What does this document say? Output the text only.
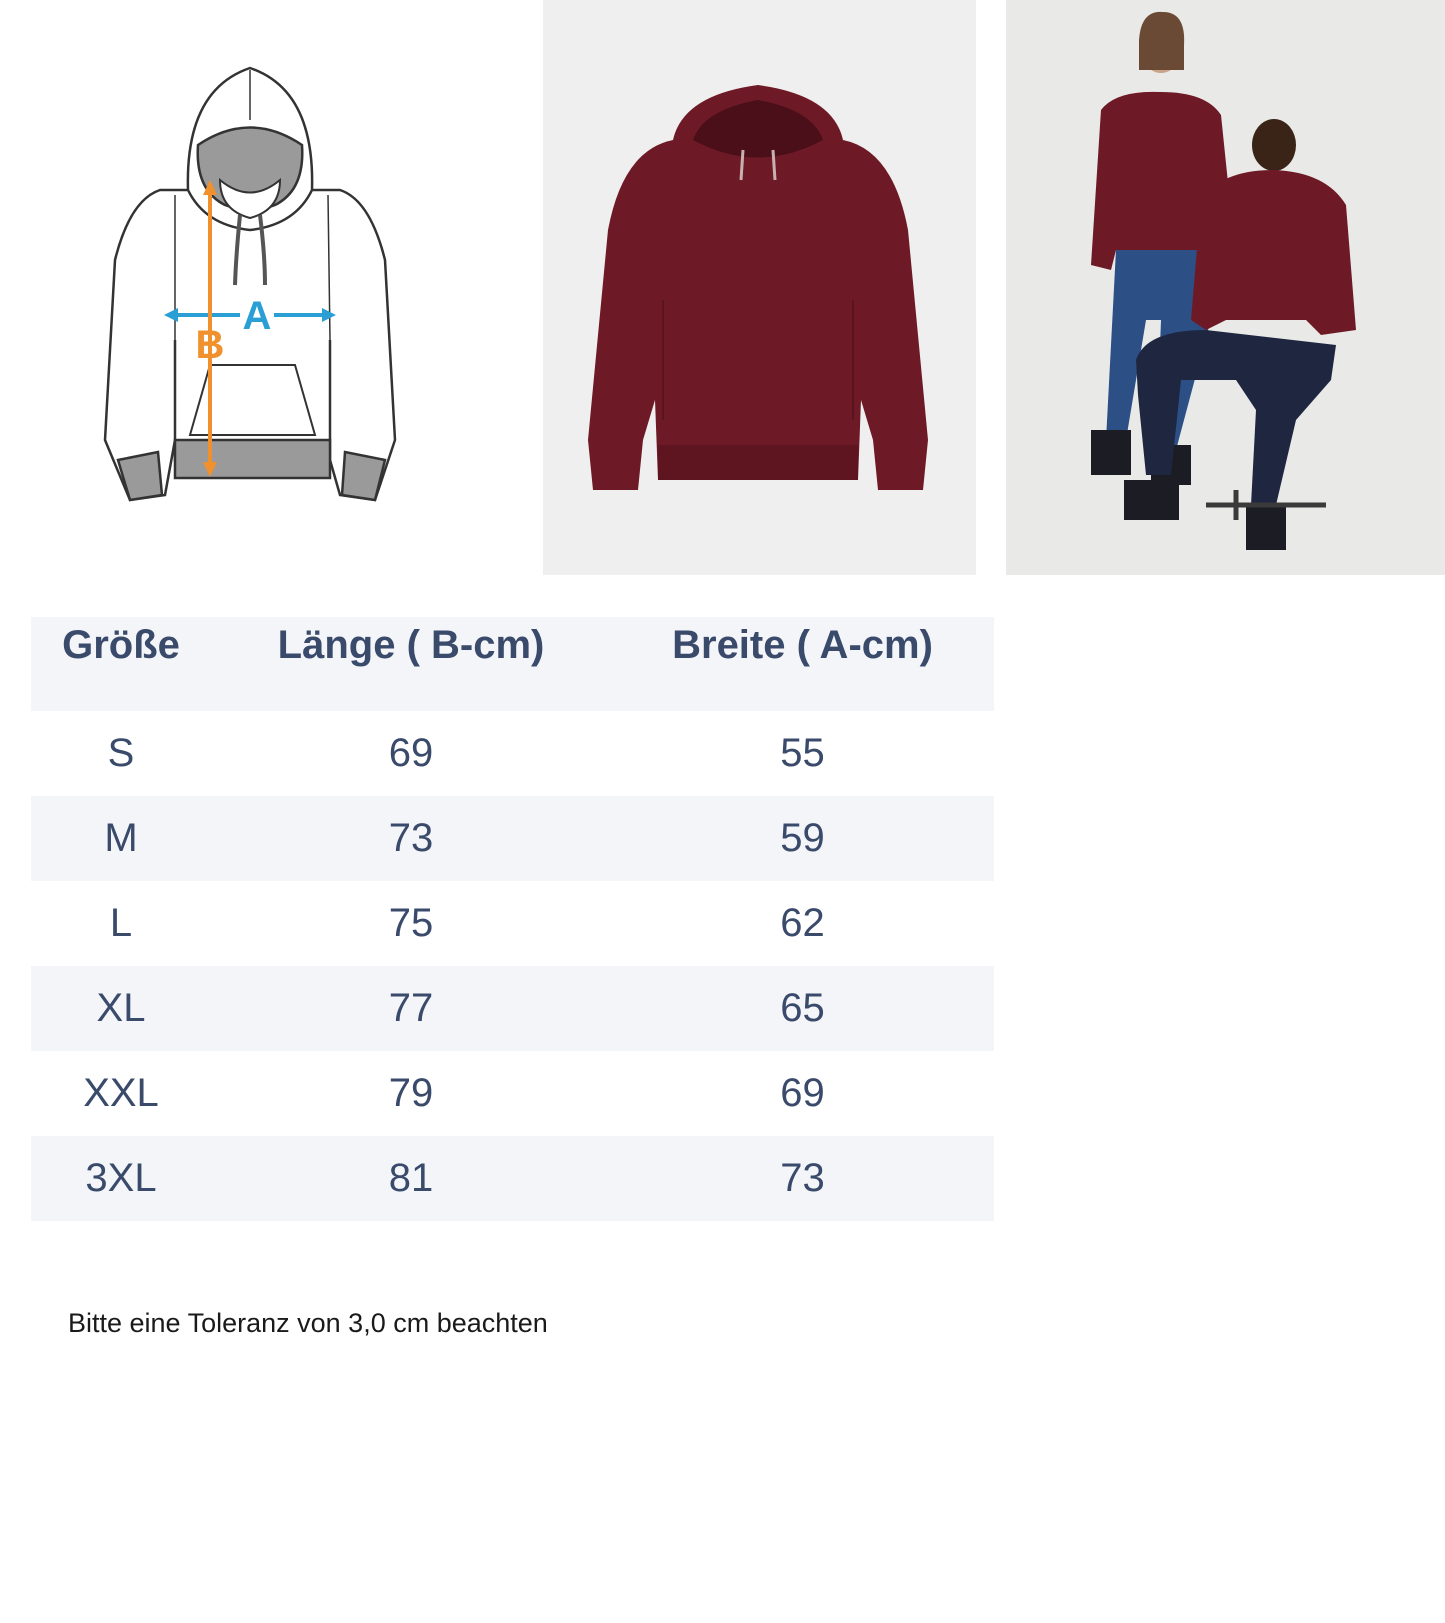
A
B
Größe	Länge ( B-cm)	Breite ( A-cm)
S	69	55
M	73	59
L	75	62
XL	77	65
XXL	79	69
3XL	81	73
Bitte eine Toleranz von 3,0 cm beachten
